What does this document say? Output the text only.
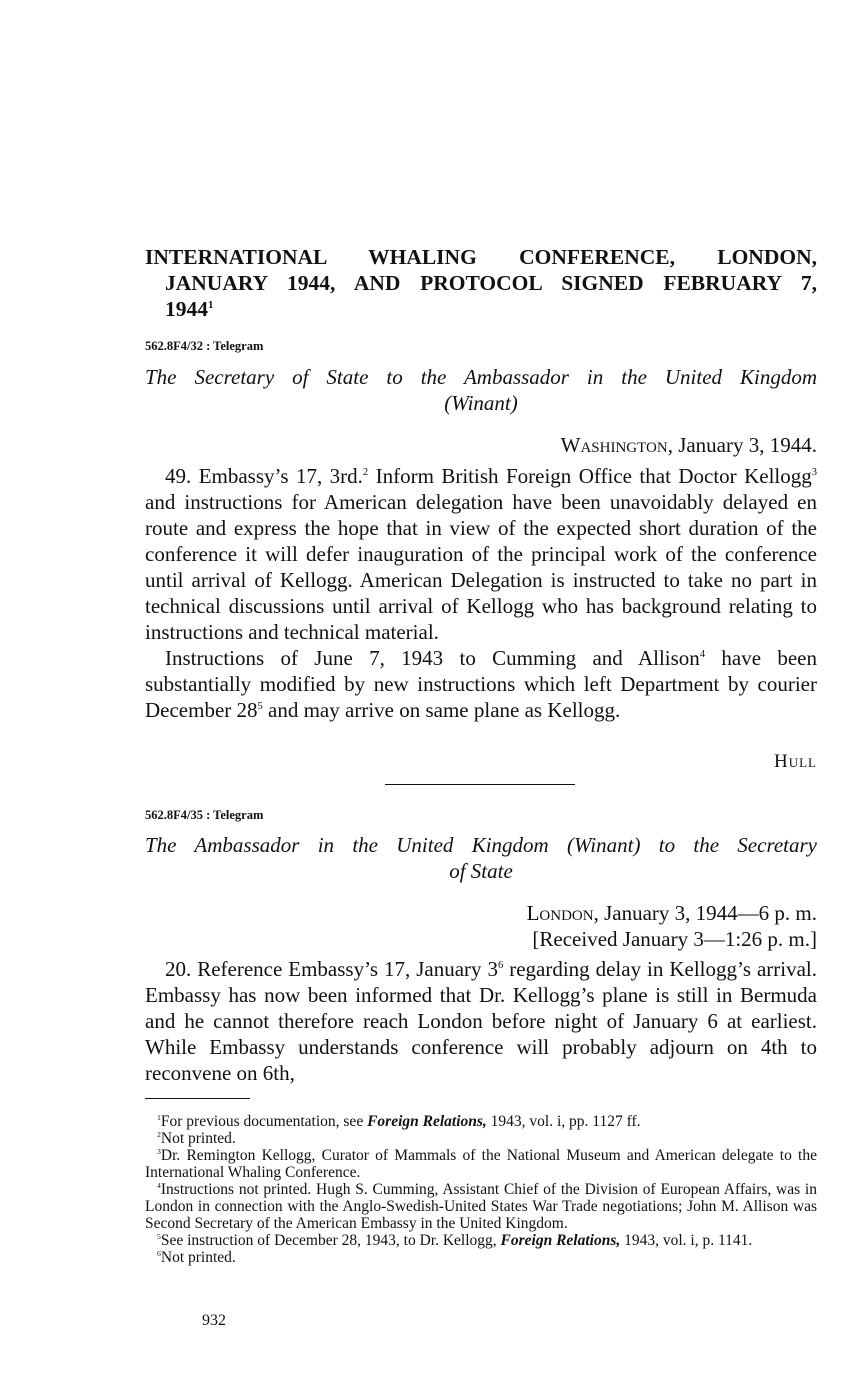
INTERNATIONAL WHALING CONFERENCE, LONDON,
JANUARY 1944, AND PROTOCOL SIGNED FEBRUARY 7,
1944$^1$
562.8F4/32 : Telegram
The Secretary of State to the Ambassador in the United Kingdom
(Winant)
Washington, January 3, 1944.

49. Embassy’s 17, 3rd.$^2$ Inform British Foreign Office that Doctor Kellogg$^3$ and instructions for American delegation have been unavoidably delayed en route and express the hope that in view of the expected short duration of the conference it will defer inauguration of the principal work of the conference until arrival of Kellogg. American Delegation is instructed to take no part in technical discussions until arrival of Kellogg who has background relating to instructions and technical material.

Instructions of June 7, 1943 to Cumming and Allison$^4$ have been substantially modified by new instructions which left Department by courier December $28^5$ and may arrive on same plane as Kellogg.

Hull
562.8F4/35 : Telegram
The Ambassador in the United Kingdom (Winant) to the Secretary
of State
London, January 3, 1944—6 p. m.
[Received January 3—1:26 p. m.]

20. Reference Embassy’s 17, January $3^6$ regarding delay in Kellogg’s arrival. Embassy has now been informed that Dr. Kellogg’s plane is still in Bermuda and he cannot therefore reach London before night of January 6 at earliest. While Embassy understands conference will probably adjourn on 4th to reconvene on 6th,

$^1$For previous documentation, see Foreign Relations, 1943, vol. i, pp. 1127 ff.

$^2$Not printed.

$^3$Dr. Remington Kellogg, Curator of Mammals of the National Museum and American delegate to the International Whaling Conference.

$^4$Instructions not printed. Hugh S. Cumming, Assistant Chief of the Division of European Affairs, was in London in connection with the Anglo-Swedish-United States War Trade negotiations; John M. Allison was Second Secretary of the American Embassy in the United Kingdom.

$^5$See instruction of December 28, 1943, to Dr. Kellogg, Foreign Relations, 1943, vol. i, p. 1141.

$^6$Not printed.

932
